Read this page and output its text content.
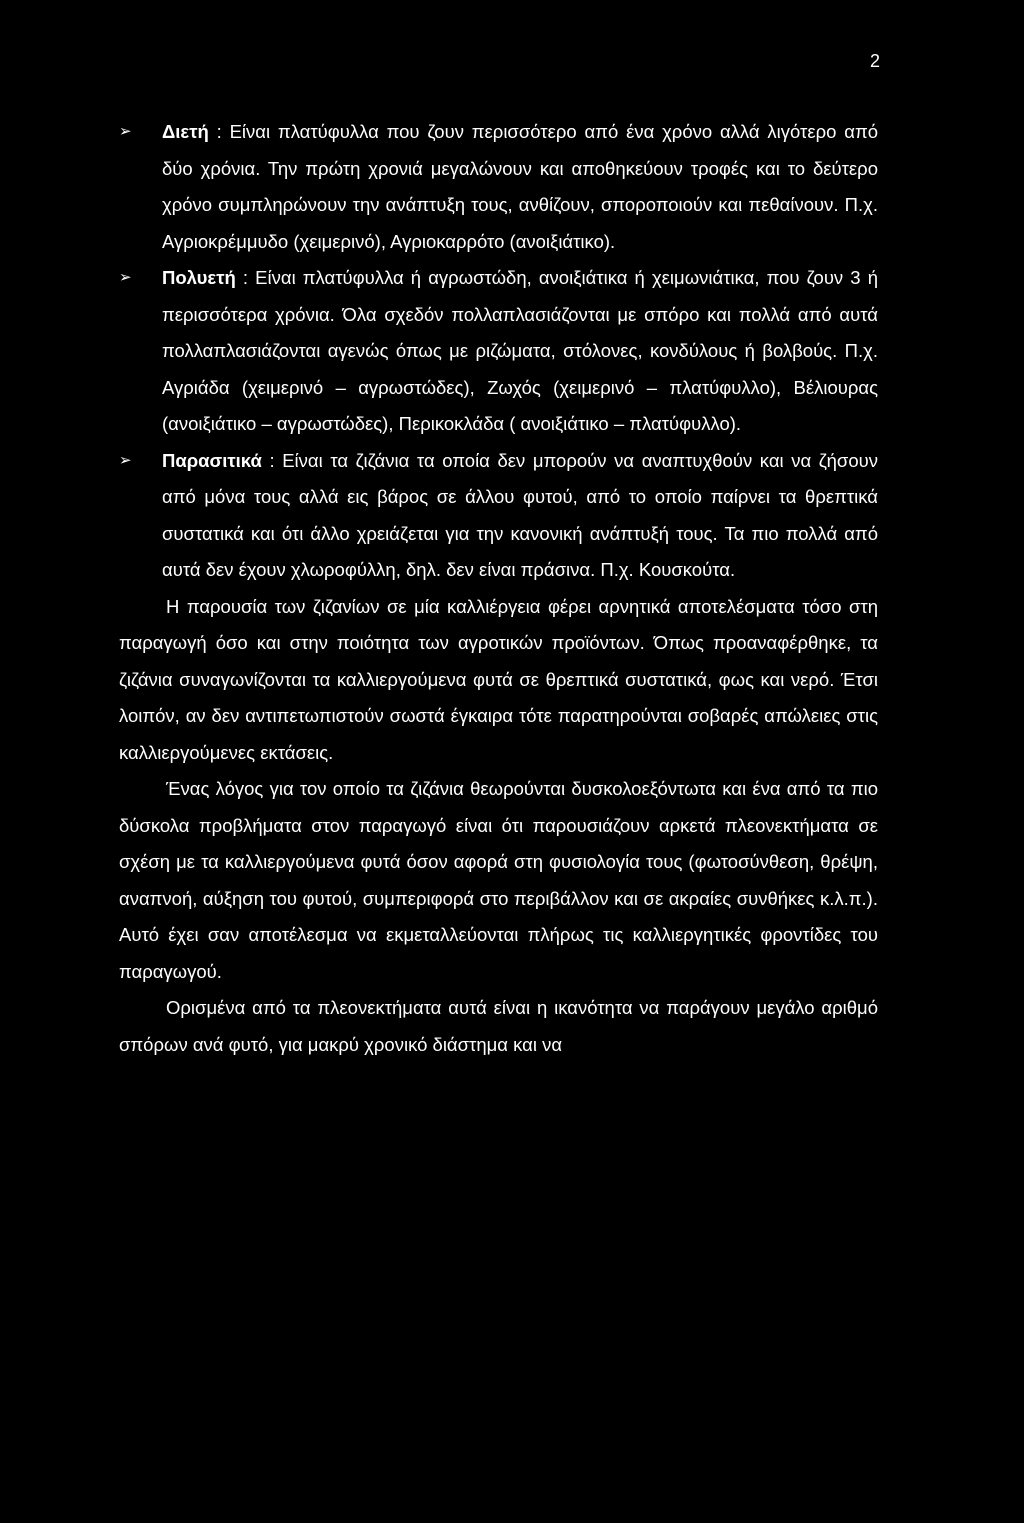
2
➢	Διετή : Είναι πλατύφυλλα που ζουν περισσότερο από ένα χρόνο αλλά λιγότερο από δύο χρόνια. Την πρώτη χρονιά μεγαλώνουν και αποθηκεύουν τροφές και το δεύτερο χρόνο συμπληρώνουν την ανάπτυξη τους, ανθίζουν, σποροποιούν και πεθαίνουν. Π.χ. Αγριοκρέμμυδο (χειμερινό), Αγριοκαρρότο (ανοιξιάτικο).

➢	Πολυετή : Είναι πλατύφυλλα ή αγρωστώδη, ανοιξιάτικα ή χειμωνιάτικα, που ζουν 3 ή περισσότερα χρόνια. Όλα σχεδόν πολλαπλασιάζονται με σπόρο και πολλά από αυτά πολλαπλασιάζονται αγενώς όπως με ριζώματα, στόλονες, κονδύλους ή βολβούς. Π.χ. Αγριάδα (χειμερινό – αγρωστώδες), Ζωχός (χειμερινό – πλατύφυλλο), Βέλιουρας (ανοιξιάτικο – αγρωστώδες), Περικοκλάδα ( ανοιξιάτικο – πλατύφυλλο).

➢	Παρασιτικά : Είναι τα ζιζάνια τα οποία δεν μπορούν να αναπτυχθούν και να ζήσουν από μόνα τους αλλά εις βάρος σε άλλου φυτού, από το οποίο παίρνει τα θρεπτικά συστατικά και ότι άλλο χρειάζεται για την κανονική ανάπτυξή τους. Τα πιο πολλά από αυτά δεν έχουν χλωροφύλλη, δηλ. δεν είναι πράσινα. Π.χ. Κουσκούτα.

Η παρουσία των ζιζανίων σε μία καλλιέργεια φέρει αρνητικά αποτελέσματα τόσο στη παραγωγή όσο και στην ποιότητα των αγροτικών προϊόντων. Όπως προαναφέρθηκε, τα ζιζάνια συναγωνίζονται τα καλλιεργούμενα φυτά σε θρεπτικά συστατικά, φως και νερό. Έτσι λοιπόν, αν δεν αντιπετωπιστούν σωστά έγκαιρα τότε παρατηρούνται σοβαρές απώλειες στις καλλιεργούμενες εκτάσεις.

Ένας λόγος για τον οποίο τα ζιζάνια θεωρούνται δυσκολοεξόντωτα και ένα από τα πιο δύσκολα προβλήματα στον παραγωγό είναι ότι παρουσιάζουν αρκετά πλεονεκτήματα σε σχέση με τα καλλιεργούμενα φυτά όσον αφορά στη φυσιολογία τους (φωτοσύνθεση, θρέψη, αναπνοή, αύξηση του φυτού, συμπεριφορά στο περιβάλλον και σε ακραίες συνθήκες κ.λ.π.). Αυτό έχει σαν αποτέλεσμα να εκμεταλλεύονται πλήρως τις καλλιεργητικές φροντίδες του παραγωγού.

Ορισμένα από τα πλεονεκτήματα αυτά είναι η ικανότητα να παράγουν μεγάλο αριθμό σπόρων ανά φυτό, για μακρύ χρονικό διάστημα και να
